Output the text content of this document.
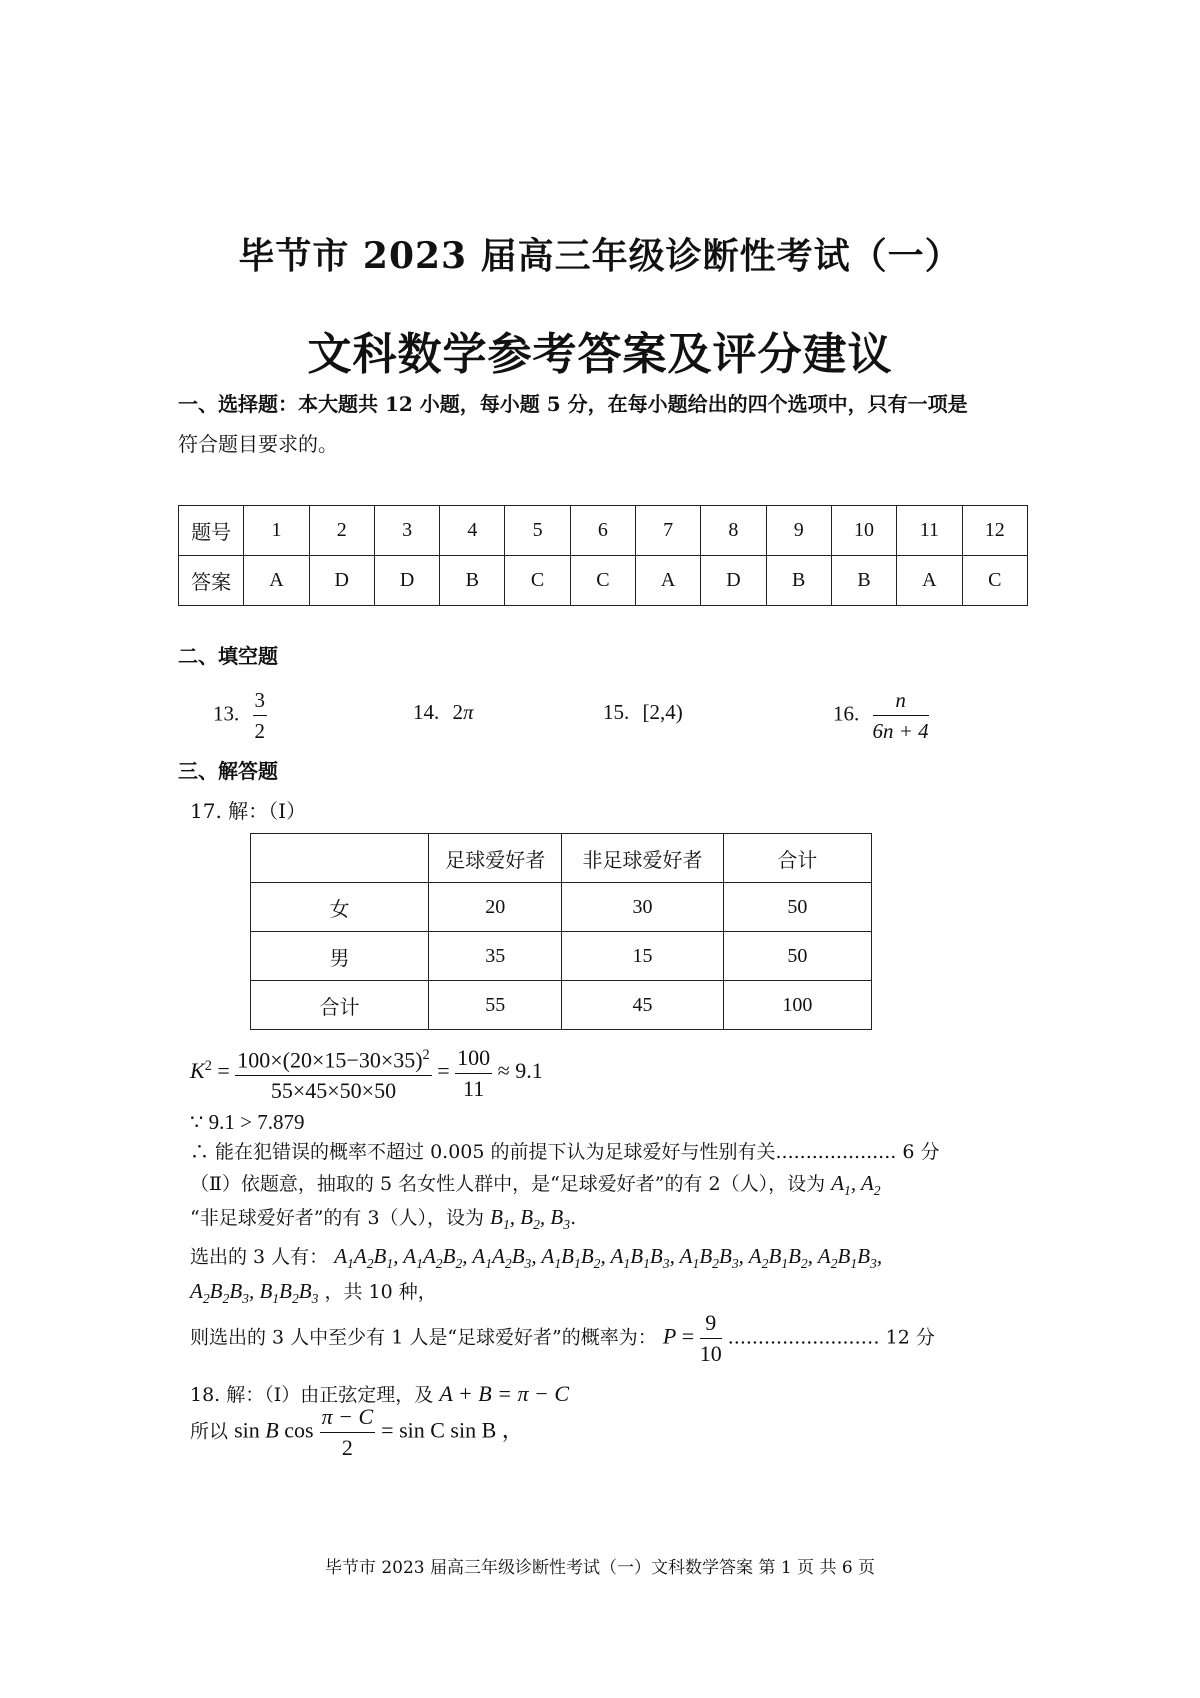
毕节市 2023 届高三年级诊断性考试（一）
文科数学参考答案及评分建议
一、选择题：本大题共 12 小题，每小题 5 分，在每小题给出的四个选项中，只有一项是
符合题目要求的。
题号	1	2	3	4	5	6	7	8	9	10	11	12
答案	A	D	D	B	C	C	A	D	B	B	A	C
二、填空题
13. $\frac{3}{2}$	14. 2π	15. [2,4)	16. $\frac{n}{6n + 4}$
三、解答题
17. 解：（Ⅰ）
	足球爱好者	非足球爱好者	合计
女	20	30	50
男	35	15	50
合计	55	45	100
$K^2 = \frac{100\times(20\times 15-30\times 35)^2}{55\times 45\times 50\times 50} = \frac{100}{11} \approx 9.1$
∵ 9.1 > 7.879
∴ 能在犯错误的概率不超过 0.005 的前提下认为足球爱好与性别有关.................... 6 分
（Ⅱ）依题意，抽取的 5 名女性人群中，是“足球爱好者”的有 2（人），设为 $A_1$, $A_2$
“非足球爱好者”的有 3（人），设为 $B_1$, $B_2$, $B_3$.
选出的 3 人有： $A_1A_2B_1$, $A_1A_2B_2$, $A_1A_2B_3$, $A_1B_1B_2$, $A_1B_1B_3$, $A_1B_2B_3$, $A_2B_1B_2$, $A_2B_1B_3$,
$A_2B_2B_3$, $B_1B_2B_3$ ，共 10 种，
则选出的 3 人中至少有 1 人是“足球爱好者”的概率为： $P = \frac{9}{10}$ ......................… 12 分
18. 解：（Ⅰ）由正弦定理，及 A + B = π − C
所以 sin B $\cos \frac{\pi - C}{2} = \sin C$ sin B ，
毕节市 2023 届高三年级诊断性考试（一）文科数学答案 第 1 页 共 6 页
